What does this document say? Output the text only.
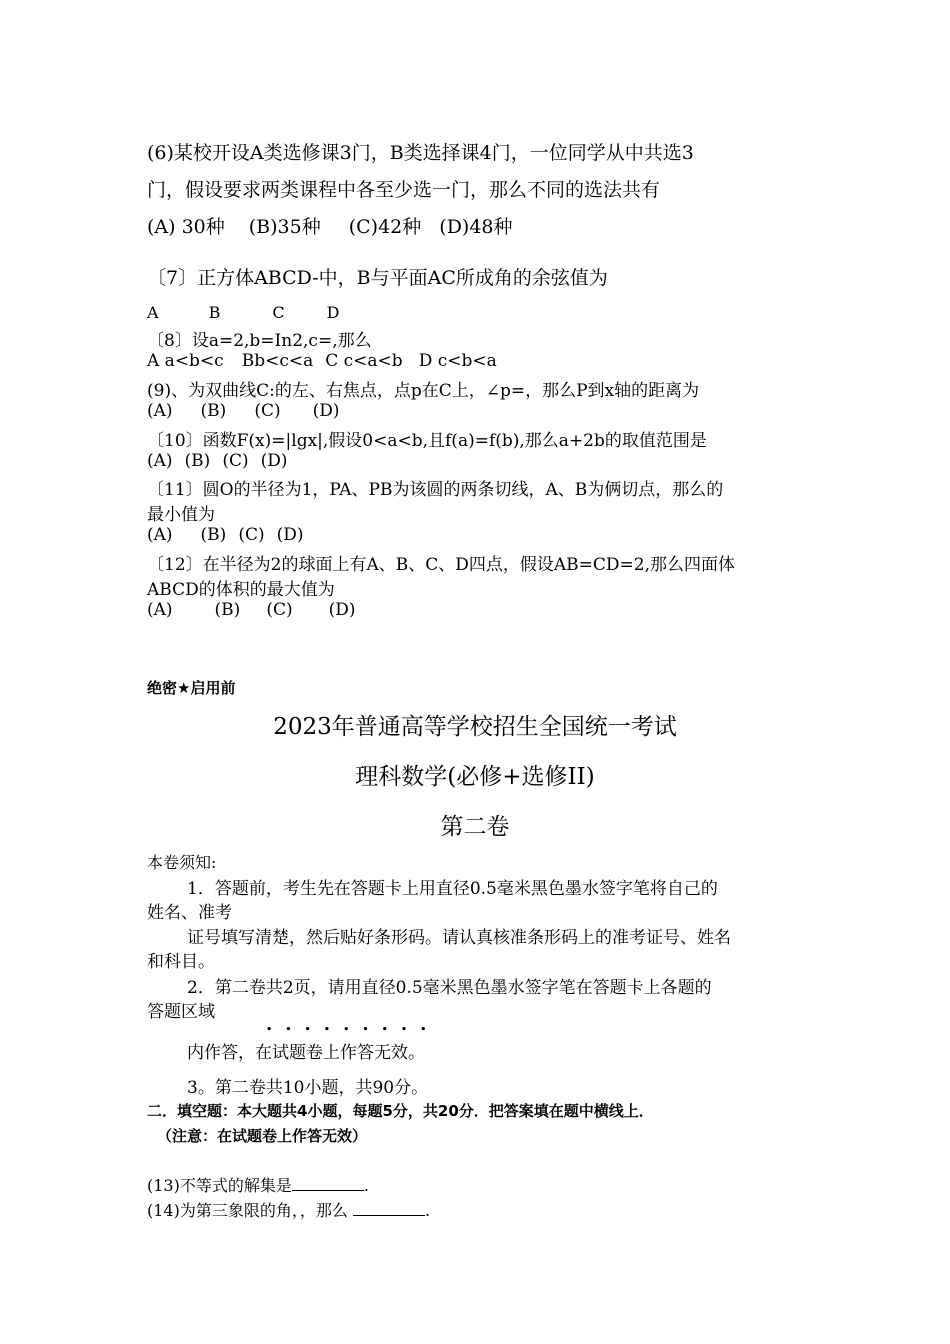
(6)某校开设A类选修课3门，B类选择课4门，一位同学从中共选3
门，假设要求两类课程中各至少选一门，那么不同的选法共有
(A) 30种 (B)35种 (C)42种 (D)48种
〔7〕正方体ABCD-中，B与平面AC所成角的余弦值为
A	B	C	D
〔8〕设a=2,b=In2,c=,那么
A a<b<c Bb<c<a C c<a<b D c<b<a
(9)、为双曲线C:的左、右焦点，点p在C上，∠p=，那么P到x轴的距离为
(A) (B) (C) (D)
〔10〕函数F(x)=|lgx|,假设0<a<b,且f(a)=f(b),那么a+2b的取值范围是
(A) (B) (C) (D)
〔11〕圆O的半径为1，PA、PB为该圆的两条切线，A、B为俩切点，那么的
最小值为
(A) (B) (C) (D)
〔12〕在半径为2的球面上有A、B、C、D四点，假设AB=CD=2,那么四面体
ABCD的体积的最大值为
(A) (B) (C) (D)
绝密★启用前
2023年普通高等学校招生全国统一考试
理科数学(必修+选修II)
第二卷
本卷须知:
1．答题前，考生先在答题卡上用直径0.5毫米黑色墨水签字笔将自己的
姓名、准考
证号填写清楚，然后贴好条形码。请认真核准条形码上的准考证号、姓名
和科目。
2．第二卷共2页，请用直径0.5毫米黑色墨水签字笔在答题卡上各题的
答题区域
.........
内作答，在试题卷上作答无效。
3。第二卷共10小题，共90分。
二．填空题：本大题共4小题，每题5分，共20分．把答案填在题中横线上．
（注意：在试题卷上作答无效）
(13)不等式的解集是	.
(14)为第三象限的角，，那么	.
